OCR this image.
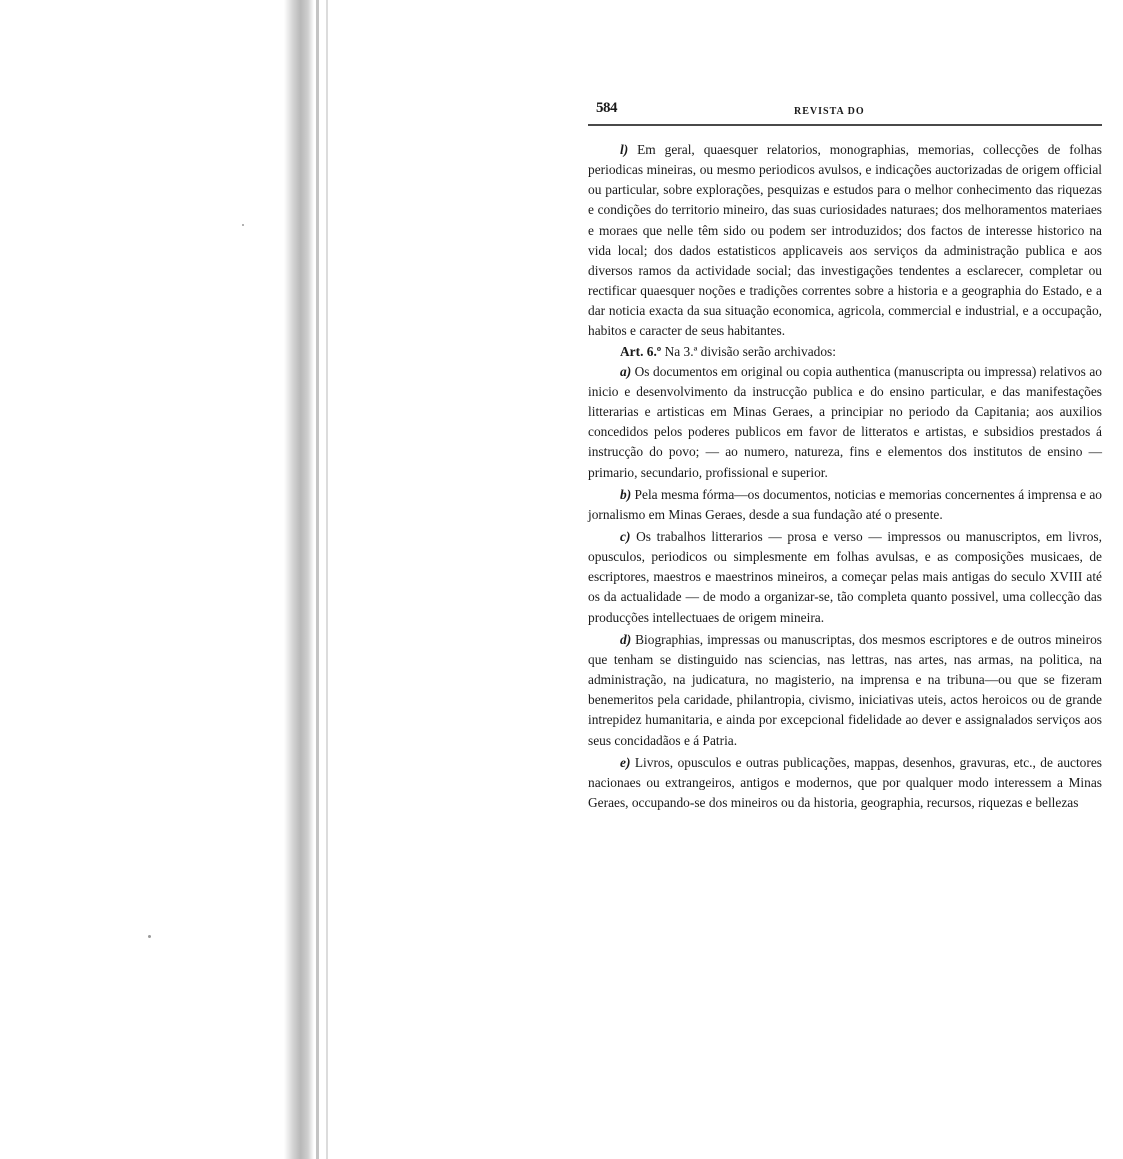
584	REVISTA DO

l) Em geral, quaesquer relatorios, monographias, memorias, collecções de folhas periodicas mineiras, ou mesmo periodicos avulsos, e indicações auctorizadas de origem official ou particular, sobre explorações, pesquizas e estudos para o melhor conhecimento das riquezas e condições do territorio mineiro, das suas curiosidades naturaes; dos melhoramentos materiaes e moraes que nelle têm sido ou podem ser introduzidos; dos factos de interesse historico na vida local; dos dados estatisticos applicaveis aos serviços da administração publica e aos diversos ramos da actividade social; das investigações tendentes a esclarecer, completar ou rectificar quaesquer noções e tradições correntes sobre a historia e a geographia do Estado, e a dar noticia exacta da sua situação economica, agricola, commercial e industrial, e a occupação, habitos e caracter de seus habitantes.

Art. 6.º Na 3.ª divisão serão archivados:

a) Os documentos em original ou copia authentica (manuscripta ou impressa) relativos ao inicio e desenvolvimento da instrucção publica e do ensino particular, e das manifestações litterarias e artisticas em Minas Geraes, a principiar no periodo da Capitania; aos auxilios concedidos pelos poderes publicos em favor de litteratos e artistas, e subsidios prestados á instrucção do povo; — ao numero, natureza, fins e elementos dos institutos de ensino — primario, secundario, profissional e superior.

b) Pela mesma fórma—os documentos, noticias e memorias concernentes á imprensa e ao jornalismo em Minas Geraes, desde a sua fundação até o presente.

c) Os trabalhos litterarios — prosa e verso — impressos ou manuscriptos, em livros, opusculos, periodicos ou simplesmente em folhas avulsas, e as composições musicaes, de escriptores, maestros e maestrinos mineiros, a começar pelas mais antigas do seculo XVIII até os da actualidade — de modo a organizar-se, tão completa quanto possivel, uma collecção das producções intellectuaes de origem mineira.

d) Biographias, impressas ou manuscriptas, dos mesmos escriptores e de outros mineiros que tenham se distinguido nas sciencias, nas lettras, nas artes, nas armas, na politica, na administração, na judicatura, no magisterio, na imprensa e na tribuna—ou que se fizeram benemeritos pela caridade, philantropia, civismo, iniciativas uteis, actos heroicos ou de grande intrepidez humanitaria, e ainda por excepcional fidelidade ao dever e assignalados serviços aos seus concidadãos e á Patria.

e) Livros, opusculos e outras publicações, mappas, desenhos, gravuras, etc., de auctores nacionaes ou extrangeiros, antigos e modernos, que por qualquer modo interessem a Minas Geraes, occupando-se dos mineiros ou da historia, geographia, recursos, riquezas e bellezas
